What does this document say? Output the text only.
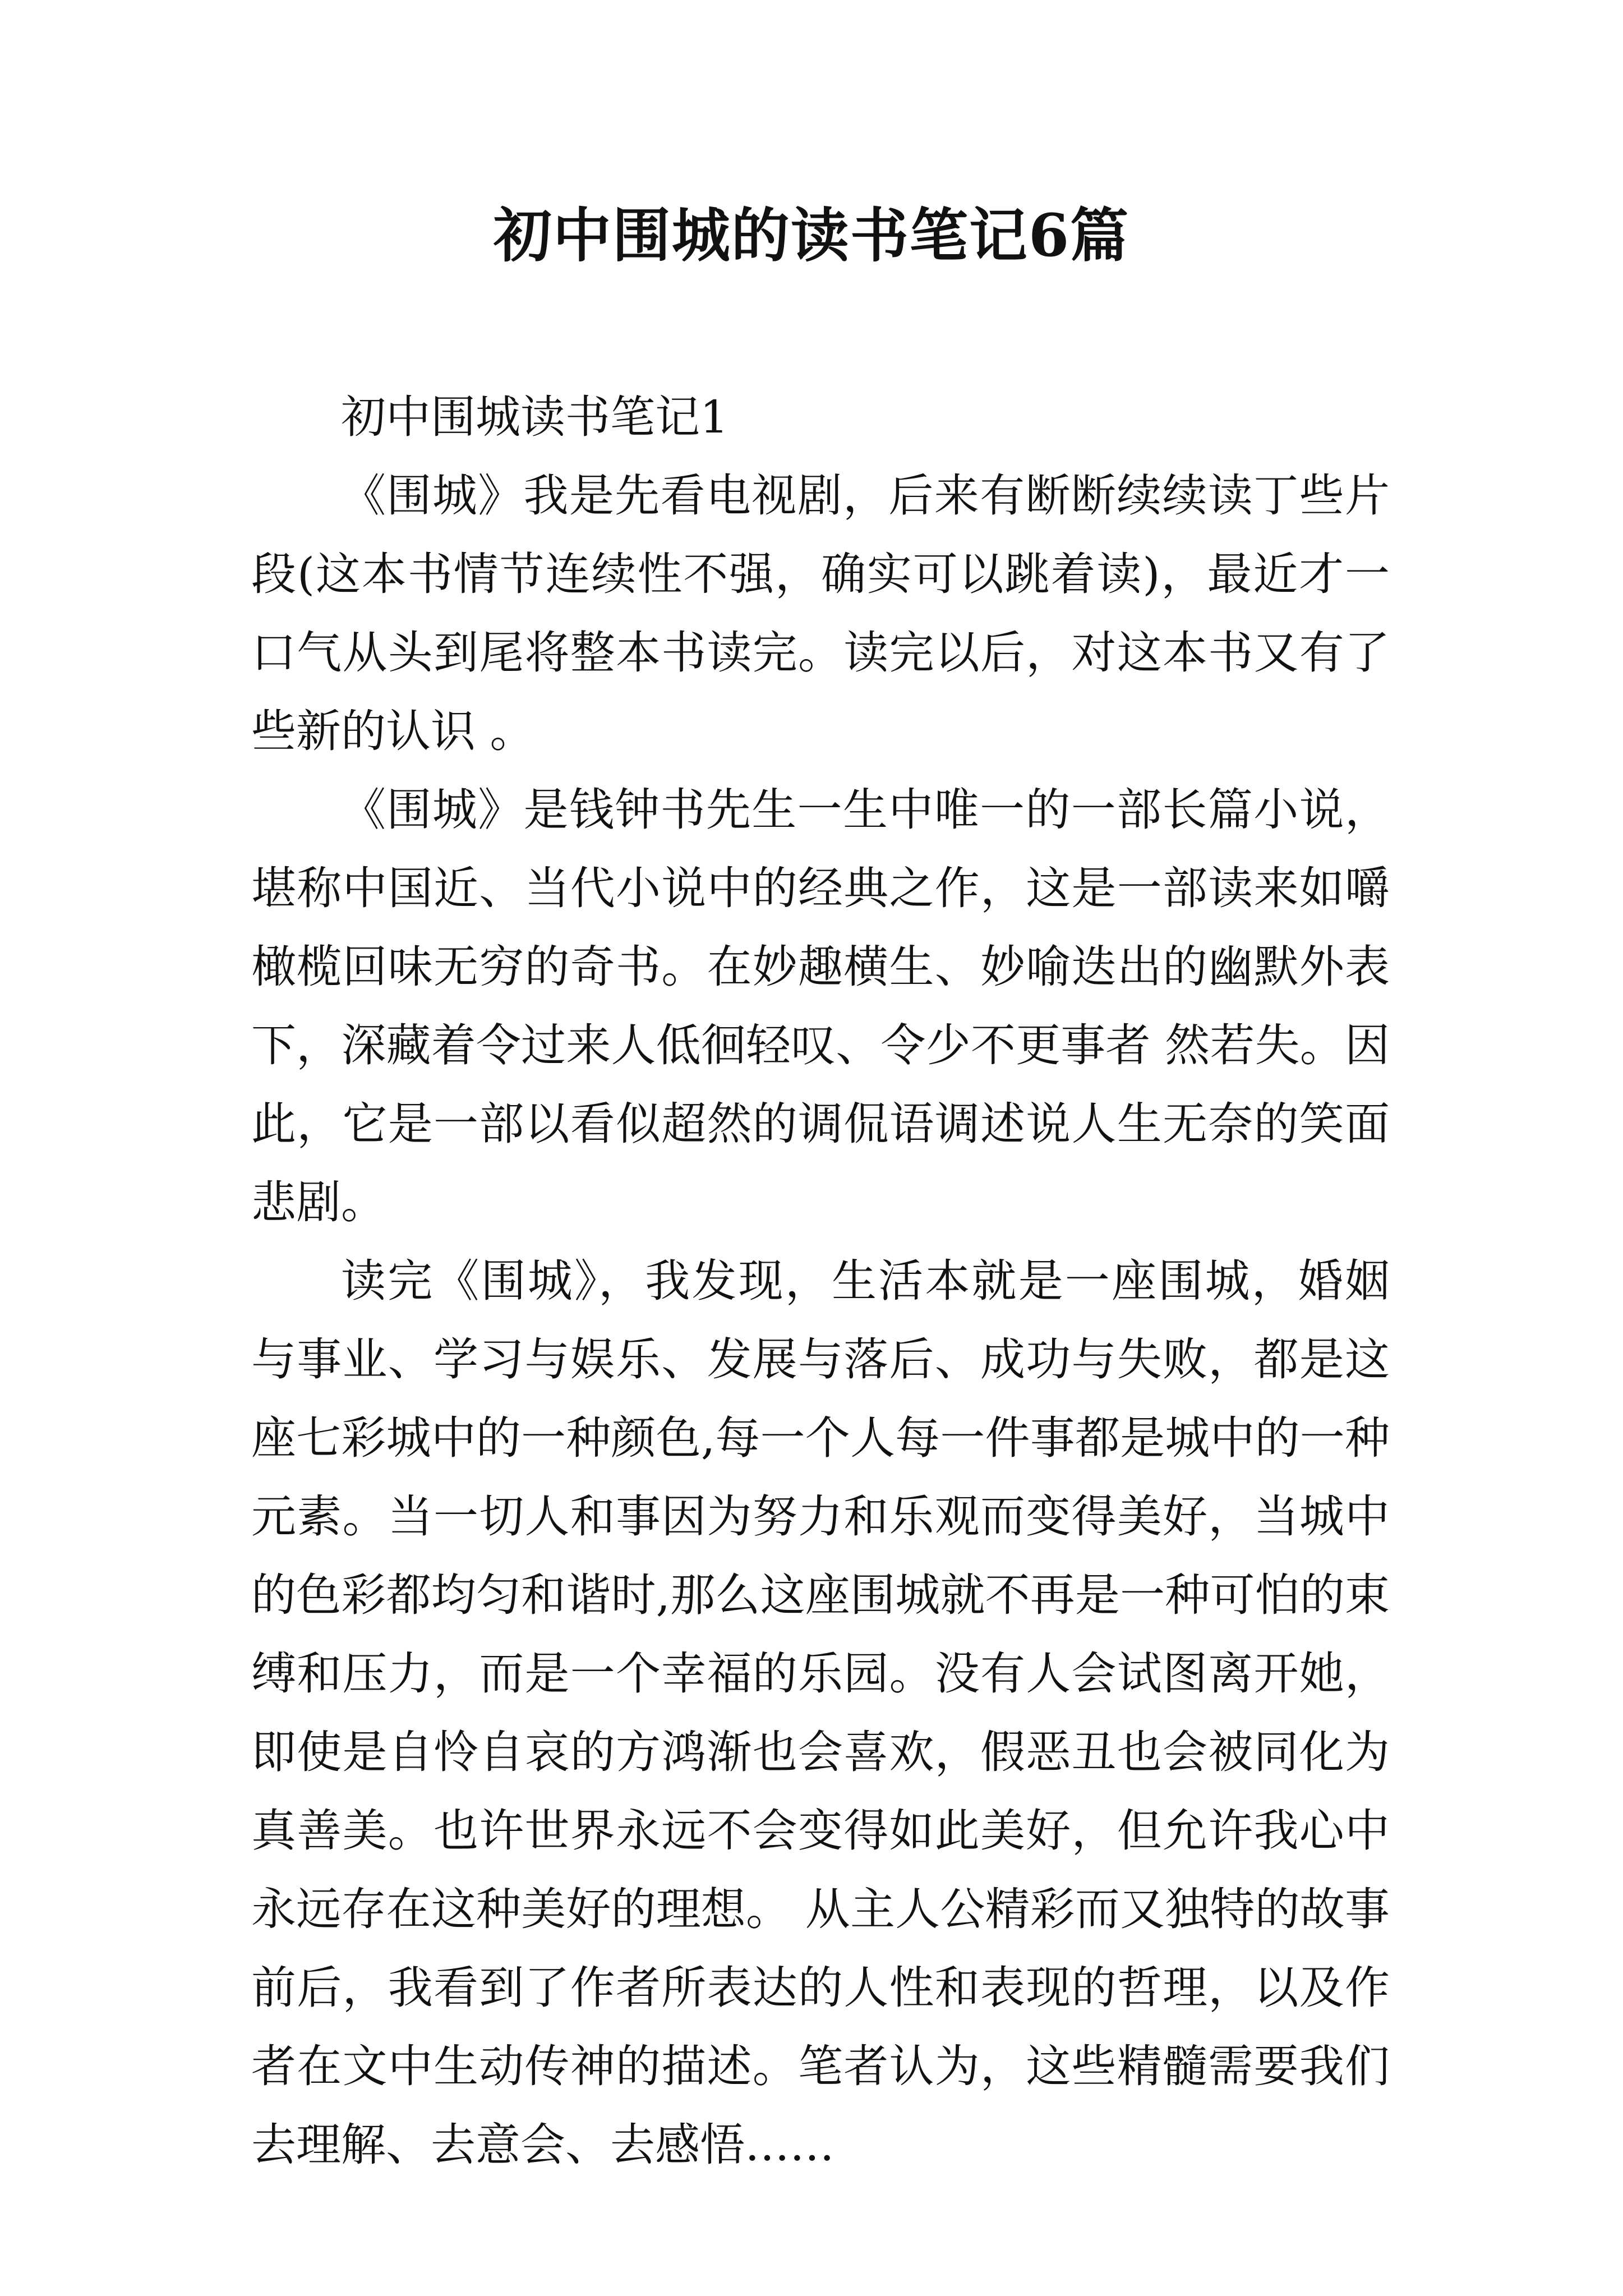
初中围城的读书笔记6篇

初中围城读书笔记1

《围城》我是先看电视剧，后来有断断续续读丁些片段(这本书情节连续性不强，确实可以跳着读)，最近才一口气从头到尾将整本书读完。读完以后，对这本书又有了些新的认识 。

《围城》是钱钟书先生一生中唯一的一部长篇小说，堪称中国近、当代小说中的经典之作，这是一部读来如嚼橄榄回味无穷的奇书。在妙趣横生、妙喻迭出的幽默外表下，深藏着令过来人低徊轻叹、令少不更事者 然若失。因此，它是一部以看似超然的调侃语调述说人生无奈的笑面悲剧。

读完《围城》，我发现，生活本就是一座围城，婚姻与事业、学习与娱乐、发展与落后、成功与失败，都是这座七彩城中的一种颜色,每一个人每一件事都是城中的一种元素。当一切人和事因为努力和乐观而变得美好，当城中的色彩都均匀和谐时,那么这座围城就不再是一种可怕的束缚和压力，而是一个幸福的乐园。没有人会试图离开她，即使是自怜自哀的方鸿渐也会喜欢，假恶丑也会被同化为真善美。也许世界永远不会变得如此美好，但允许我心中永远存在这种美好的理想。 从主人公精彩而又独特的故事前后，我看到了作者所表达的人性和表现的哲理，以及作者在文中生动传神的描述。笔者认为，这些精髓需要我们去理解、去意会、去感悟……
